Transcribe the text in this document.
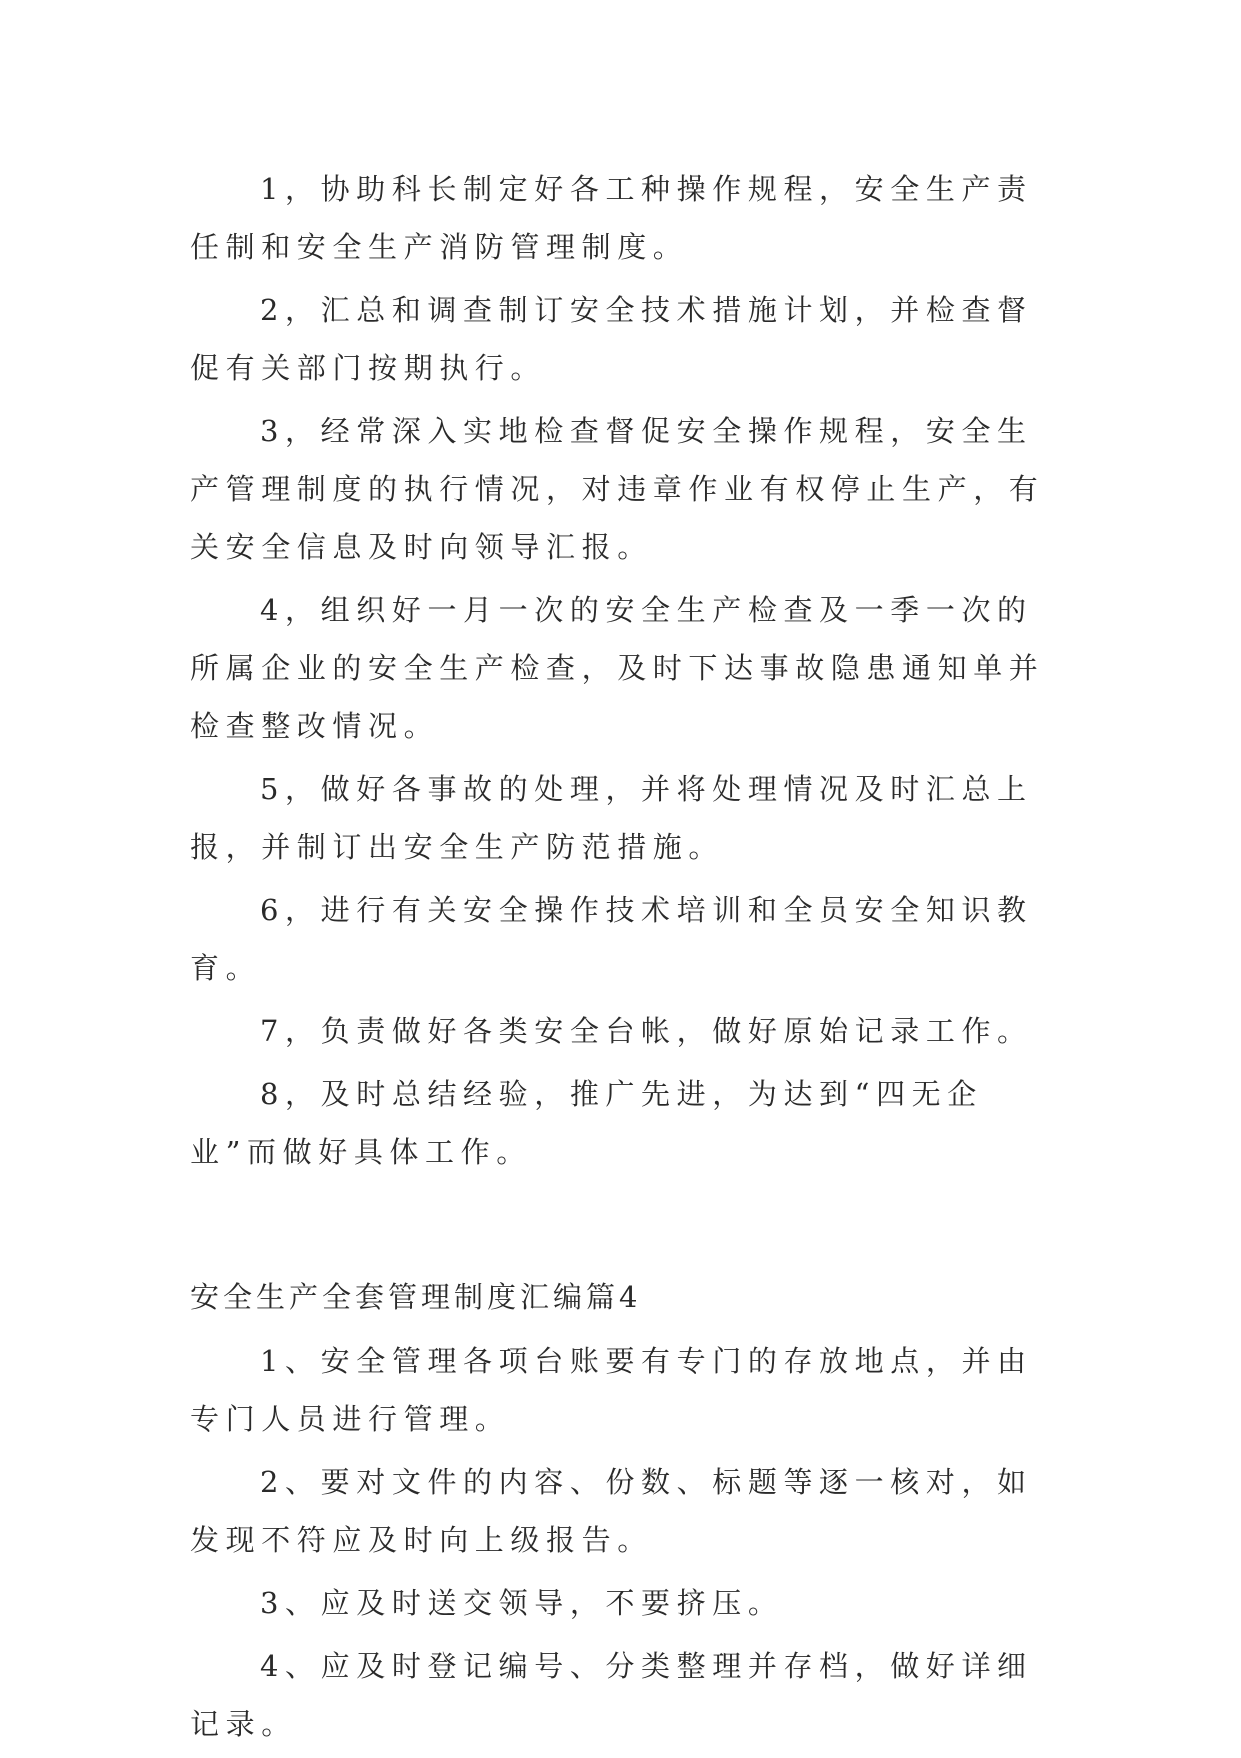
1，协助科长制定好各工种操作规程，安全生产责任制和安全生产消防管理制度。

2，汇总和调查制订安全技术措施计划，并检查督促有关部门按期执行。

3，经常深入实地检查督促安全操作规程，安全生产管理制度的执行情况，对违章作业有权停止生产，有关安全信息及时向领导汇报。

4，组织好一月一次的安全生产检查及一季一次的所属企业的安全生产检查，及时下达事故隐患通知单并检查整改情况。

5，做好各事故的处理，并将处理情况及时汇总上报，并制订出安全生产防范措施。

6，进行有关安全操作技术培训和全员安全知识教育。

7，负责做好各类安全台帐，做好原始记录工作。

8，及时总结经验，推广先进，为达到“四无企业”而做好具体工作。

安全生产全套管理制度汇编篇4

1、安全管理各项台账要有专门的存放地点，并由专门人员进行管理。

2、要对文件的内容、份数、标题等逐一核对，如发现不符应及时向上级报告。

3、应及时送交领导，不要挤压。

4、应及时登记编号、分类整理并存档，做好详细记录。
